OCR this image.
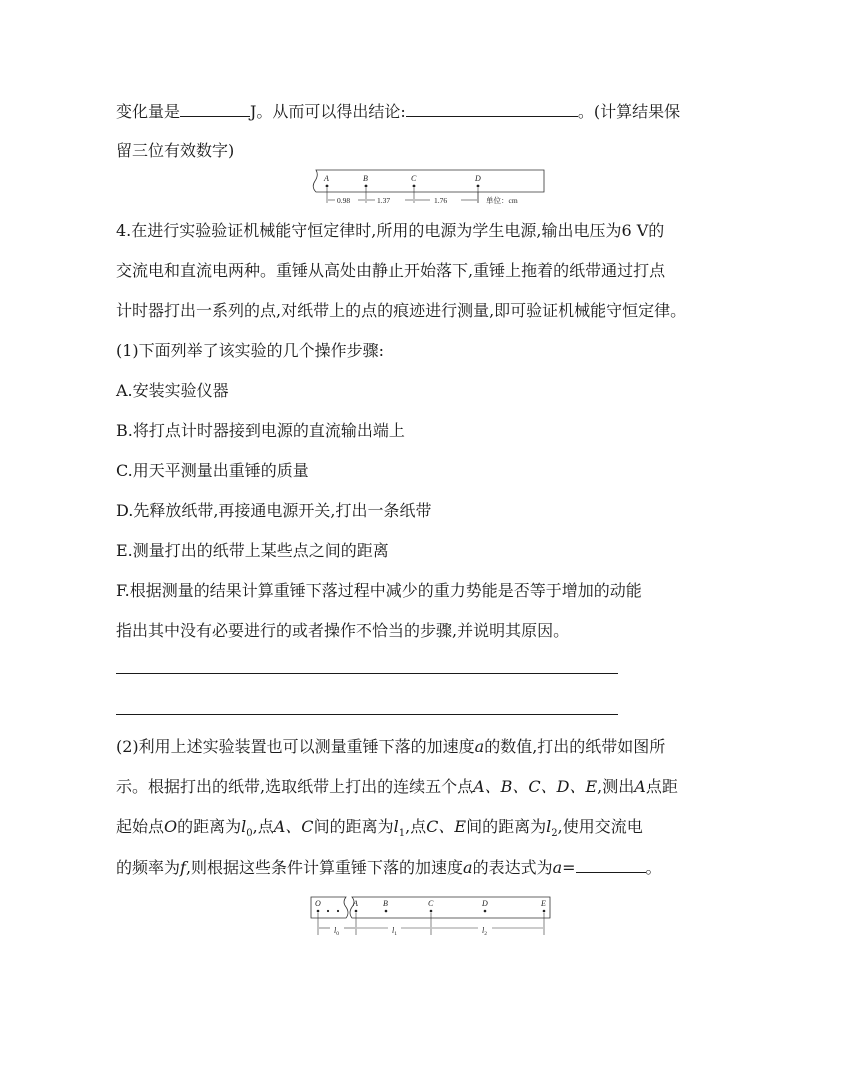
变化量是	J。从而可以得出结论:	。(计算结果保
留三位有效数字)
A	B	C	D
0.98	1.37	1.76	单位：cm
4.在进行实验验证机械能守恒定律时,所用的电源为学生电源,输出电压为6 V的
交流电和直流电两种。重锤从高处由静止开始落下,重锤上拖着的纸带通过打点
计时器打出一系列的点,对纸带上的点的痕迹进行测量,即可验证机械能守恒定律。
(1)下面列举了该实验的几个操作步骤:
A.安装实验仪器
B.将打点计时器接到电源的直流输出端上
C.用天平测量出重锤的质量
D.先释放纸带,再接通电源开关,打出一条纸带
E.测量打出的纸带上某些点之间的距离
F.根据测量的结果计算重锤下落过程中减少的重力势能是否等于增加的动能
指出其中没有必要进行的或者操作不恰当的步骤,并说明其原因。
(2)利用上述实验装置也可以测量重锤下落的加速度a的数值,打出的纸带如图所
示。根据打出的纸带,选取纸带上打出的连续五个点A、B、C、D、E,测出A点距
起始点O的距离为$l_0$,点A、C间的距离为$l_1$,点C、E间的距离为$l_2$,使用交流电
的频率为f,则根据这些条件计算重锤下落的加速度a的表达式为a=	。
O	A	B	C	D	E
$l_0$	$l_1$	$l_2$
